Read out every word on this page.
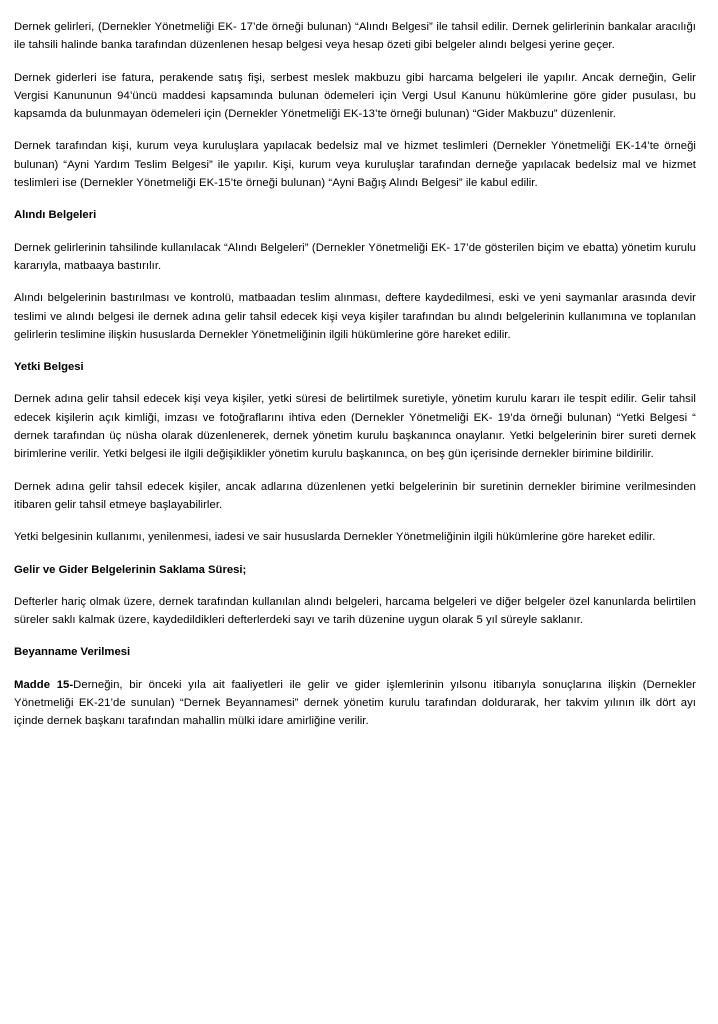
Dernek gelirleri, (Dernekler Yönetmeliği EK- 17’de örneği bulunan) “Alındı Belgesi” ile tahsil edilir. Dernek gelirlerinin bankalar aracılığı ile tahsili halinde banka tarafından düzenlenen hesap belgesi veya hesap özeti gibi belgeler alındı belgesi yerine geçer.

Dernek giderleri ise fatura, perakende satış fişi, serbest meslek makbuzu gibi harcama belgeleri ile yapılır. Ancak derneğin, Gelir Vergisi Kanununun 94’üncü maddesi kapsamında bulunan ödemeleri için Vergi Usul Kanunu hükümlerine göre gider pusulası, bu kapsamda da bulunmayan ödemeleri için (Dernekler Yönetmeliği EK-13’te örneği bulunan) “Gider Makbuzu” düzenlenir.

Dernek tarafından kişi, kurum veya kuruluşlara yapılacak bedelsiz mal ve hizmet teslimleri (Dernekler Yönetmeliği EK-14’te örneği bulunan) “Ayni Yardım Teslim Belgesi” ile yapılır. Kişi, kurum veya kuruluşlar tarafından derneğe yapılacak bedelsiz mal ve hizmet teslimleri ise (Dernekler Yönetmeliği EK-15’te örneği bulunan) “Ayni Bağış Alındı Belgesi” ile kabul edilir.

Alındı Belgeleri

Dernek gelirlerinin tahsilinde kullanılacak “Alındı Belgeleri” (Dernekler Yönetmeliği EK- 17’de gösterilen biçim ve ebatta) yönetim kurulu kararıyla, matbaaya bastırılır.

Alındı belgelerinin bastırılması ve kontrolü, matbaadan teslim alınması, deftere kaydedilmesi, eski ve yeni saymanlar arasında devir teslimi ve alındı belgesi ile dernek adına gelir tahsil edecek kişi veya kişiler tarafından bu alındı belgelerinin kullanımına ve toplanılan gelirlerin teslimine ilişkin hususlarda Dernekler Yönetmeliğinin ilgili hükümlerine göre hareket edilir.

Yetki Belgesi

Dernek adına gelir tahsil edecek kişi veya kişiler, yetki süresi de belirtilmek suretiyle, yönetim kurulu kararı ile tespit edilir. Gelir tahsil edecek kişilerin açık kimliği, imzası ve fotoğraflarını ihtiva eden (Dernekler Yönetmeliği EK- 19’da örneği bulunan) “Yetki Belgesi “ dernek tarafından üç nüsha olarak düzenlenerek, dernek yönetim kurulu başkanınca onaylanır. Yetki belgelerinin birer sureti dernek birimlerine verilir. Yetki belgesi ile ilgili değişiklikler yönetim kurulu başkanınca, on beş gün içerisinde dernekler birimine bildirilir.

Dernek adına gelir tahsil edecek kişiler, ancak adlarına düzenlenen yetki belgelerinin bir suretinin dernekler birimine verilmesinden itibaren gelir tahsil etmeye başlayabilirler.

Yetki belgesinin kullanımı, yenilenmesi, iadesi ve sair hususlarda Dernekler Yönetmeliğinin ilgili hükümlerine göre hareket edilir.

Gelir ve Gider Belgelerinin Saklama Süresi;

Defterler hariç olmak üzere, dernek tarafından kullanılan alındı belgeleri, harcama belgeleri ve diğer belgeler özel kanunlarda belirtilen süreler saklı kalmak üzere, kaydedildikleri defterlerdeki sayı ve tarih düzenine uygun olarak 5 yıl süreyle saklanır.

Beyanname Verilmesi

Madde 15-Derneğin, bir önceki yıla ait faaliyetleri ile gelir ve gider işlemlerinin yılsonu itibarıyla sonuçlarına ilişkin (Dernekler Yönetmeliği EK-21’de sunulan) “Dernek Beyannamesi” dernek yönetim kurulu tarafından doldurarak, her takvim yılının ilk dört ayı içinde dernek başkanı tarafından mahallin mülki idare amirliğine verilir.
